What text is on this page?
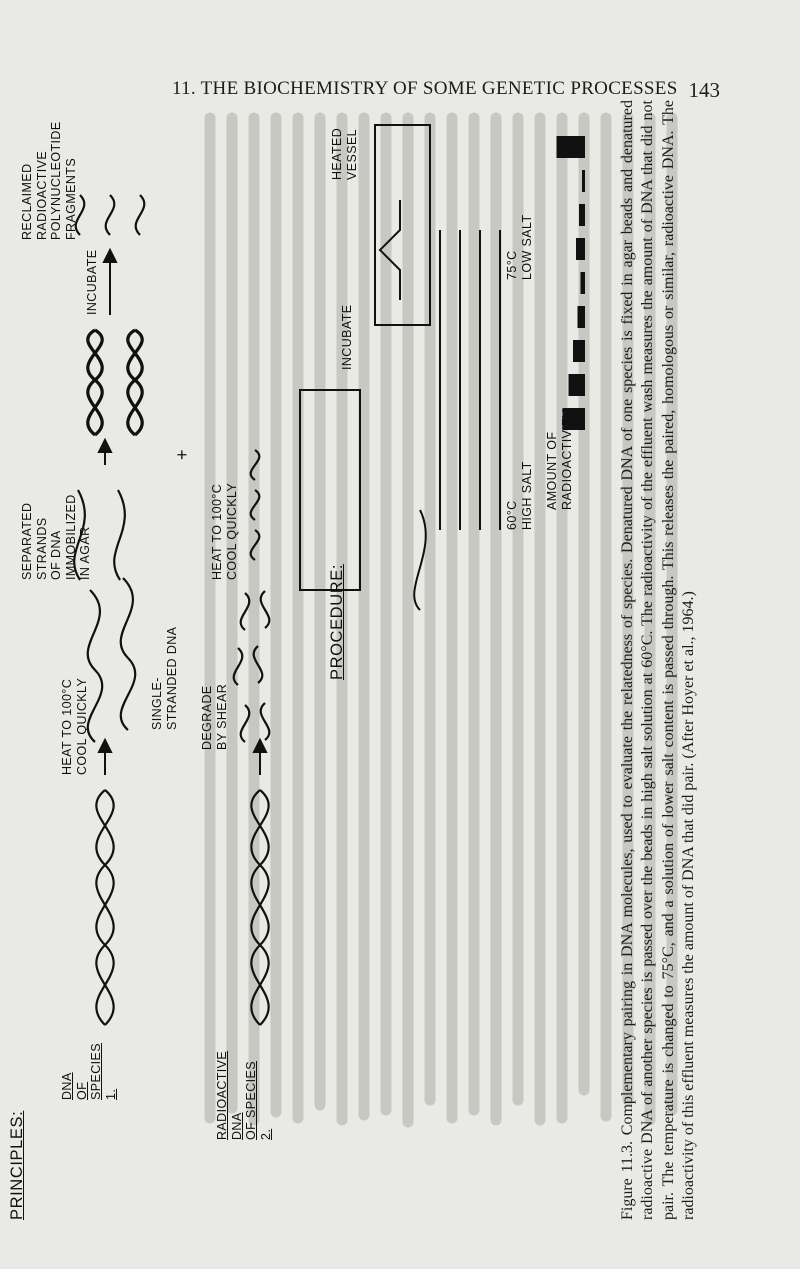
11. THE BIOCHEMISTRY OF SOME GENETIC PROCESSES 143
PRINCIPLES:
DNA OF SPECIES 1.
HEAT TO 100°C COOL QUICKLY	SINGLE- STRANDED DNA
RADIOACTIVE DNA OF SPECIES 2.
DEGRADE BY SHEAR
HEAT TO 100°C COOL QUICKLY
SEPARATED STRANDS OF DNA IMMOBILIZED IN AGAR
+
INCUBATE
RECLAIMED RADIOACTIVE POLYNUCLEOTIDE FRAGMENTS
PROCEDURE:
INCUBATE
HEATED VESSEL
60°C HIGH SALT
75°C LOW SALT
AMOUNT OF RADIOACTIVITY	Figure 11.3. Complementary pairing in DNA molecules, used to evaluate the relatedness of species. Denatured DNA of one species is fixed in agar beads and denatured radioactive DNA of another species is passed over the beads in high salt solution at 60°C. The radioactivity of the effluent wash measures the amount of DNA that did not pair. The temperature is changed to 75°C, and a solution of lower salt content is passed through. This releases the paired, homologous or similar, radioactive DNA. The radioactivity of this effluent measures the amount of DNA that did pair. (After Hoyer et al., 1964.)
